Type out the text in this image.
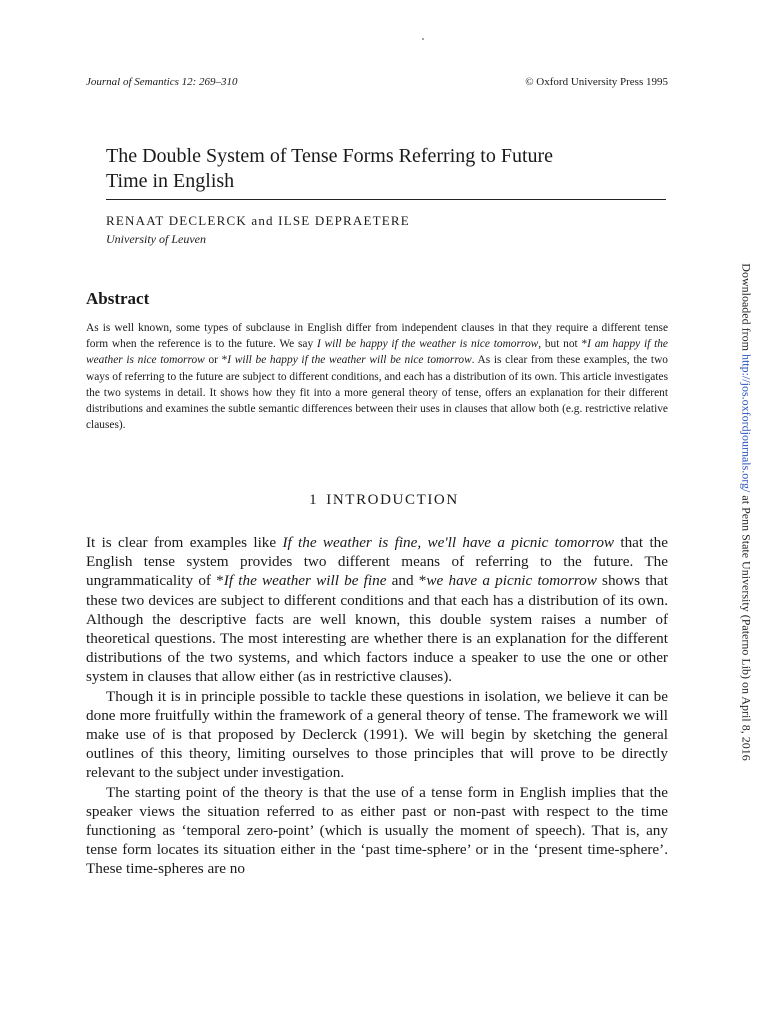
Journal of Semantics 12: 269–310	© Oxford University Press 1995
The Double System of Tense Forms Referring to Future
Time in English
RENAAT DECLERCK and ILSE DEPRAETERE
University of Leuven
Abstract
As is well known, some types of subclause in English differ from independent clauses in that they require a different tense form when the reference is to the future. We say I will be happy if the weather is nice tomorrow, but not *I am happy if the weather is nice tomorrow or *I will be happy if the weather will be nice tomorrow. As is clear from these examples, the two ways of referring to the future are subject to different conditions, and each has a distribution of its own. This article investigates the two systems in detail. It shows how they fit into a more general theory of tense, offers an explanation for their different distributions and examines the subtle semantic differences between their uses in clauses that allow both (e.g. restrictive relative clauses).
1 INTRODUCTION

It is clear from examples like If the weather is fine, we'll have a picnic tomorrow that the English tense system provides two different means of referring to the future. The ungrammaticality of *If the weather will be fine and *we have a picnic tomorrow shows that these two devices are subject to different conditions and that each has a distribution of its own. Although the descriptive facts are well known, this double system raises a number of theoretical questions. The most interesting are whether there is an explanation for the different distributions of the two systems, and which factors induce a speaker to use the one or other system in clauses that allow either (as in restrictive clauses).

Though it is in principle possible to tackle these questions in isolation, we believe it can be done more fruitfully within the framework of a general theory of tense. The framework we will make use of is that proposed by Declerck (1991). We will begin by sketching the general outlines of this theory, limiting ourselves to those principles that will prove to be directly relevant to the subject under investigation.

The starting point of the theory is that the use of a tense form in English implies that the speaker views the situation referred to as either past or non-past with respect to the time functioning as ‘temporal zero-point’ (which is usually the moment of speech). That is, any tense form locates its situation either in the ‘past time-sphere’ or in the ‘present time-sphere’. These time-spheres are no

Downloaded from http://jos.oxfordjournals.org/ at Penn State University (Paterno Lib) on April 8, 2016
